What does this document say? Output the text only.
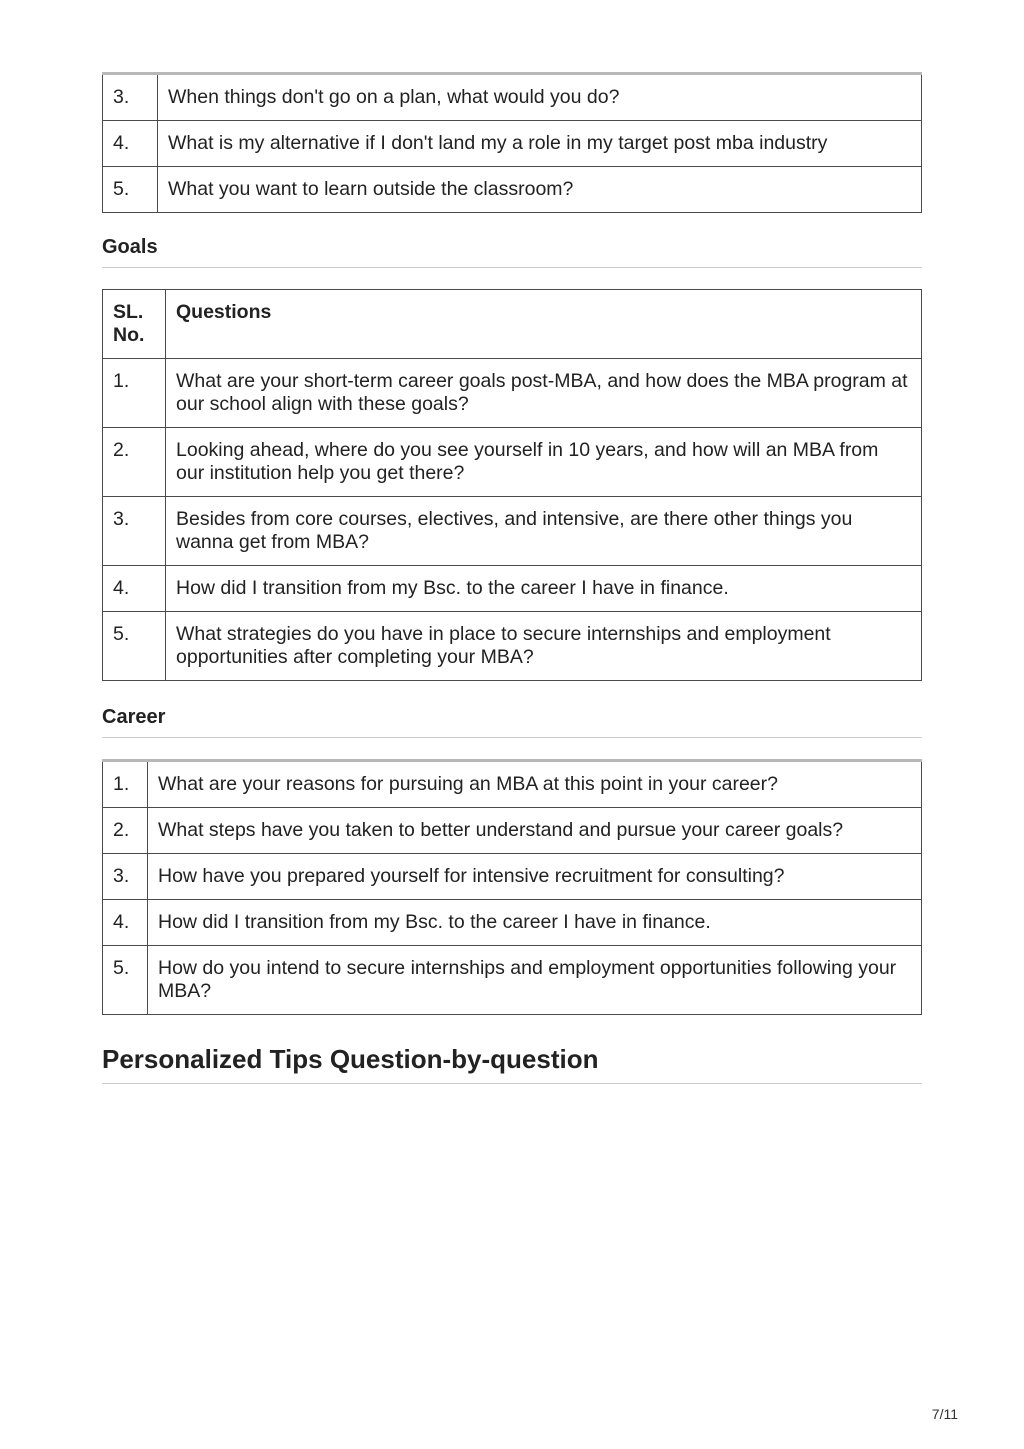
3.	When things don't go on a plan, what would you do?
4.	What is my alternative if I don't land my a role in my target post mba industry
5.	What you want to learn outside the classroom?
Goals
SL. No.	Questions
1.	What are your short-term career goals post-MBA, and how does the MBA program at our school align with these goals?
2.	Looking ahead, where do you see yourself in 10 years, and how will an MBA from our institution help you get there?
3.	Besides from core courses, electives, and intensive, are there other things you wanna get from MBA?
4.	How did I transition from my Bsc. to the career I have in finance.
5.	What strategies do you have in place to secure internships and employment opportunities after completing your MBA?
Career
1.	What are your reasons for pursuing an MBA at this point in your career?
2.	What steps have you taken to better understand and pursue your career goals?
3.	How have you prepared yourself for intensive recruitment for consulting?
4.	How did I transition from my Bsc. to the career I have in finance.
5.	How do you intend to secure internships and employment opportunities following your MBA?
Personalized Tips Question-by-question
7/11
